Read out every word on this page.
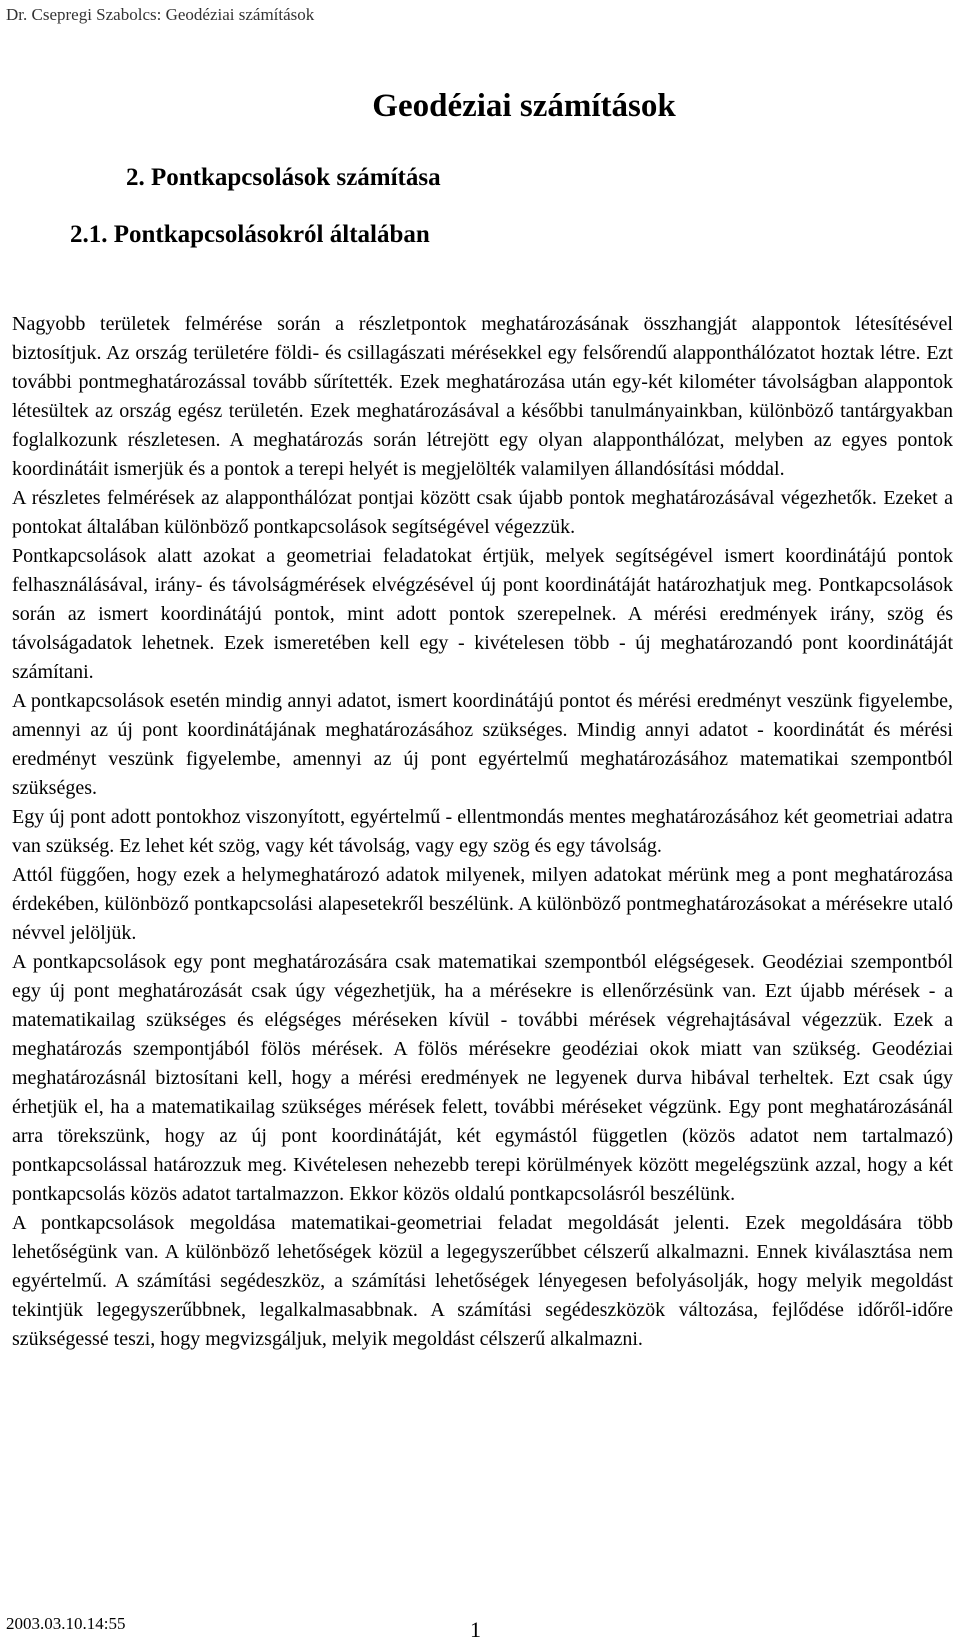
Dr. Csepregi Szabolcs: Geodéziai számítások
Geodéziai számítások
2. Pontkapcsolások számítása
2.1. Pontkapcsolásokról általában

Nagyobb területek felmérése során a részletpontok meghatározásának összhangját alappontok létesítésével biztosítjuk. Az ország területére földi- és csillagászati mérésekkel egy felsőrendű alapponthálózatot hoztak létre. Ezt további pontmeghatározással tovább sűrítették. Ezek meghatározása után egy-két kilométer távolságban alappontok létesültek az ország egész területén. Ezek meghatározásával a későbbi tanulmányainkban, különböző tantárgyakban foglalkozunk részletesen. A meghatározás során létrejött egy olyan alapponthálózat, melyben az egyes pontok koordinátáit ismerjük és a pontok a terepi helyét is megjelölték valamilyen állandósítási móddal.

A részletes felmérések az alapponthálózat pontjai között csak újabb pontok meghatározásával végezhetők. Ezeket a pontokat általában különböző pontkapcsolások segítségével végezzük.

Pontkapcsolások alatt azokat a geometriai feladatokat értjük, melyek segítségével ismert koordinátájú pontok felhasználásával, irány- és távolságmérések elvégzésével új pont koordinátáját határozhatjuk meg. Pontkapcsolások során az ismert koordinátájú pontok, mint adott pontok szerepelnek. A mérési eredmények irány, szög és távolságadatok lehetnek. Ezek ismeretében kell egy - kivételesen több - új meghatározandó pont koordinátáját számítani.

A pontkapcsolások esetén mindig annyi adatot, ismert koordinátájú pontot és mérési eredményt veszünk figyelembe, amennyi az új pont koordinátájának meghatározásához szükséges. Mindig annyi adatot - koordinátát és mérési eredményt veszünk figyelembe, amennyi az új pont egyértelmű meghatározásához matematikai szempontból szükséges.

Egy új pont adott pontokhoz viszonyított, egyértelmű - ellentmondás mentes meghatározásához két geometriai adatra van szükség. Ez lehet két szög, vagy két távolság, vagy egy szög és egy távolság.

Attól függően, hogy ezek a helymeghatározó adatok milyenek, milyen adatokat mérünk meg a pont meghatározása érdekében, különböző pontkapcsolási alapesetekről beszélünk. A különböző pontmeghatározásokat a mérésekre utaló névvel jelöljük.

A pontkapcsolások egy pont meghatározására csak matematikai szempontból elégségesek. Geodéziai szempontból egy új pont meghatározását csak úgy végezhetjük, ha a mérésekre is ellenőrzésünk van. Ezt újabb mérések - a matematikailag szükséges és elégséges méréseken kívül - további mérések végrehajtásával végezzük. Ezek a meghatározás szempontjából fölös mérések. A fölös mérésekre geodéziai okok miatt van szükség. Geodéziai meghatározásnál biztosítani kell, hogy a mérési eredmények ne legyenek durva hibával terheltek. Ezt csak úgy érhetjük el, ha a matematikailag szükséges mérések felett, további méréseket végzünk. Egy pont meghatározásánál arra törekszünk, hogy az új pont koordinátáját, két egymástól független (közös adatot nem tartalmazó) pontkapcsolással határozzuk meg. Kivételesen nehezebb terepi körülmények között megelégszünk azzal, hogy a két pontkapcsolás közös adatot tartalmazzon. Ekkor közös oldalú pontkapcsolásról beszélünk.

A pontkapcsolások megoldása matematikai-geometriai feladat megoldását jelenti. Ezek megoldására több lehetőségünk van. A különböző lehetőségek közül a legegyszerűbbet célszerű alkalmazni. Ennek kiválasztása nem egyértelmű. A számítási segédeszköz, a számítási lehetőségek lényegesen befolyásolják, hogy melyik megoldást tekintjük legegyszerűbbnek, legalkalmasabbnak. A számítási segédeszközök változása, fejlődése időről-időre szükségessé teszi, hogy megvizsgáljuk, melyik megoldást célszerű alkalmazni.

2003.03.10.14:55	1
